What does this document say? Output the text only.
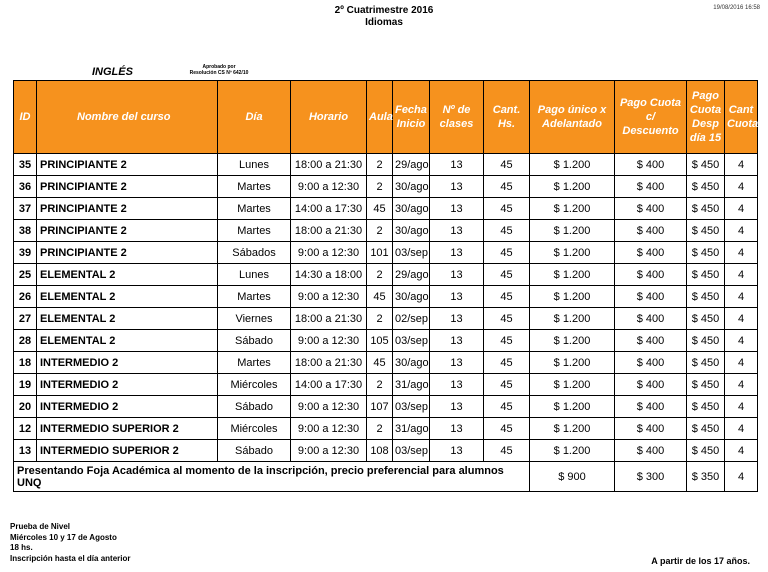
2º Cuatrimestre 2016
Idiomas
19/08/2016 16:58
INGLÉS	Aprobado por
Resolución CS Nº 642/10
ID	Nombre del curso	Día	Horario	Aula	Fecha Inicio	Nº de clases	Cant. Hs.	Pago único x Adelantado	Pago Cuota c/ Descuento	Pago Cuota Desp día 15	Cant Cuotas
35	PRINCIPIANTE 2	Lunes	18:00 a 21:30	2	29/ago	13	45	$ 1.200	$ 400	$ 450	4
36	PRINCIPIANTE 2	Martes	9:00 a 12:30	2	30/ago	13	45	$ 1.200	$ 400	$ 450	4
37	PRINCIPIANTE 2	Martes	14:00 a 17:30	45	30/ago	13	45	$ 1.200	$ 400	$ 450	4
38	PRINCIPIANTE 2	Martes	18:00 a 21:30	2	30/ago	13	45	$ 1.200	$ 400	$ 450	4
39	PRINCIPIANTE 2	Sábados	9:00 a 12:30	101	03/sep	13	45	$ 1.200	$ 400	$ 450	4
25	ELEMENTAL 2	Lunes	14:30 a 18:00	2	29/ago	13	45	$ 1.200	$ 400	$ 450	4
26	ELEMENTAL 2	Martes	9:00 a 12:30	45	30/ago	13	45	$ 1.200	$ 400	$ 450	4
27	ELEMENTAL 2	Viernes	18:00 a 21:30	2	02/sep	13	45	$ 1.200	$ 400	$ 450	4
28	ELEMENTAL 2	Sábado	9:00 a 12:30	105	03/sep	13	45	$ 1.200	$ 400	$ 450	4
18	INTERMEDIO 2	Martes	18:00 a 21:30	45	30/ago	13	45	$ 1.200	$ 400	$ 450	4
19	INTERMEDIO 2	Miércoles	14:00 a 17:30	2	31/ago	13	45	$ 1.200	$ 400	$ 450	4
20	INTERMEDIO 2	Sábado	9:00 a 12:30	107	03/sep	13	45	$ 1.200	$ 400	$ 450	4
12	INTERMEDIO SUPERIOR 2	Miércoles	9:00 a 12:30	2	31/ago	13	45	$ 1.200	$ 400	$ 450	4
13	INTERMEDIO SUPERIOR 2	Sábado	9:00 a 12:30	108	03/sep	13	45	$ 1.200	$ 400	$ 450	4
Presentando Foja Académica al momento de la inscripción, precio preferencial para alumnos UNQ								$ 900	$ 300	$ 350	4
Prueba de Nivel
Miércoles 10 y 17 de Agosto
18 hs.
Inscripción hasta el día anterior	A partir de los 17 años.
